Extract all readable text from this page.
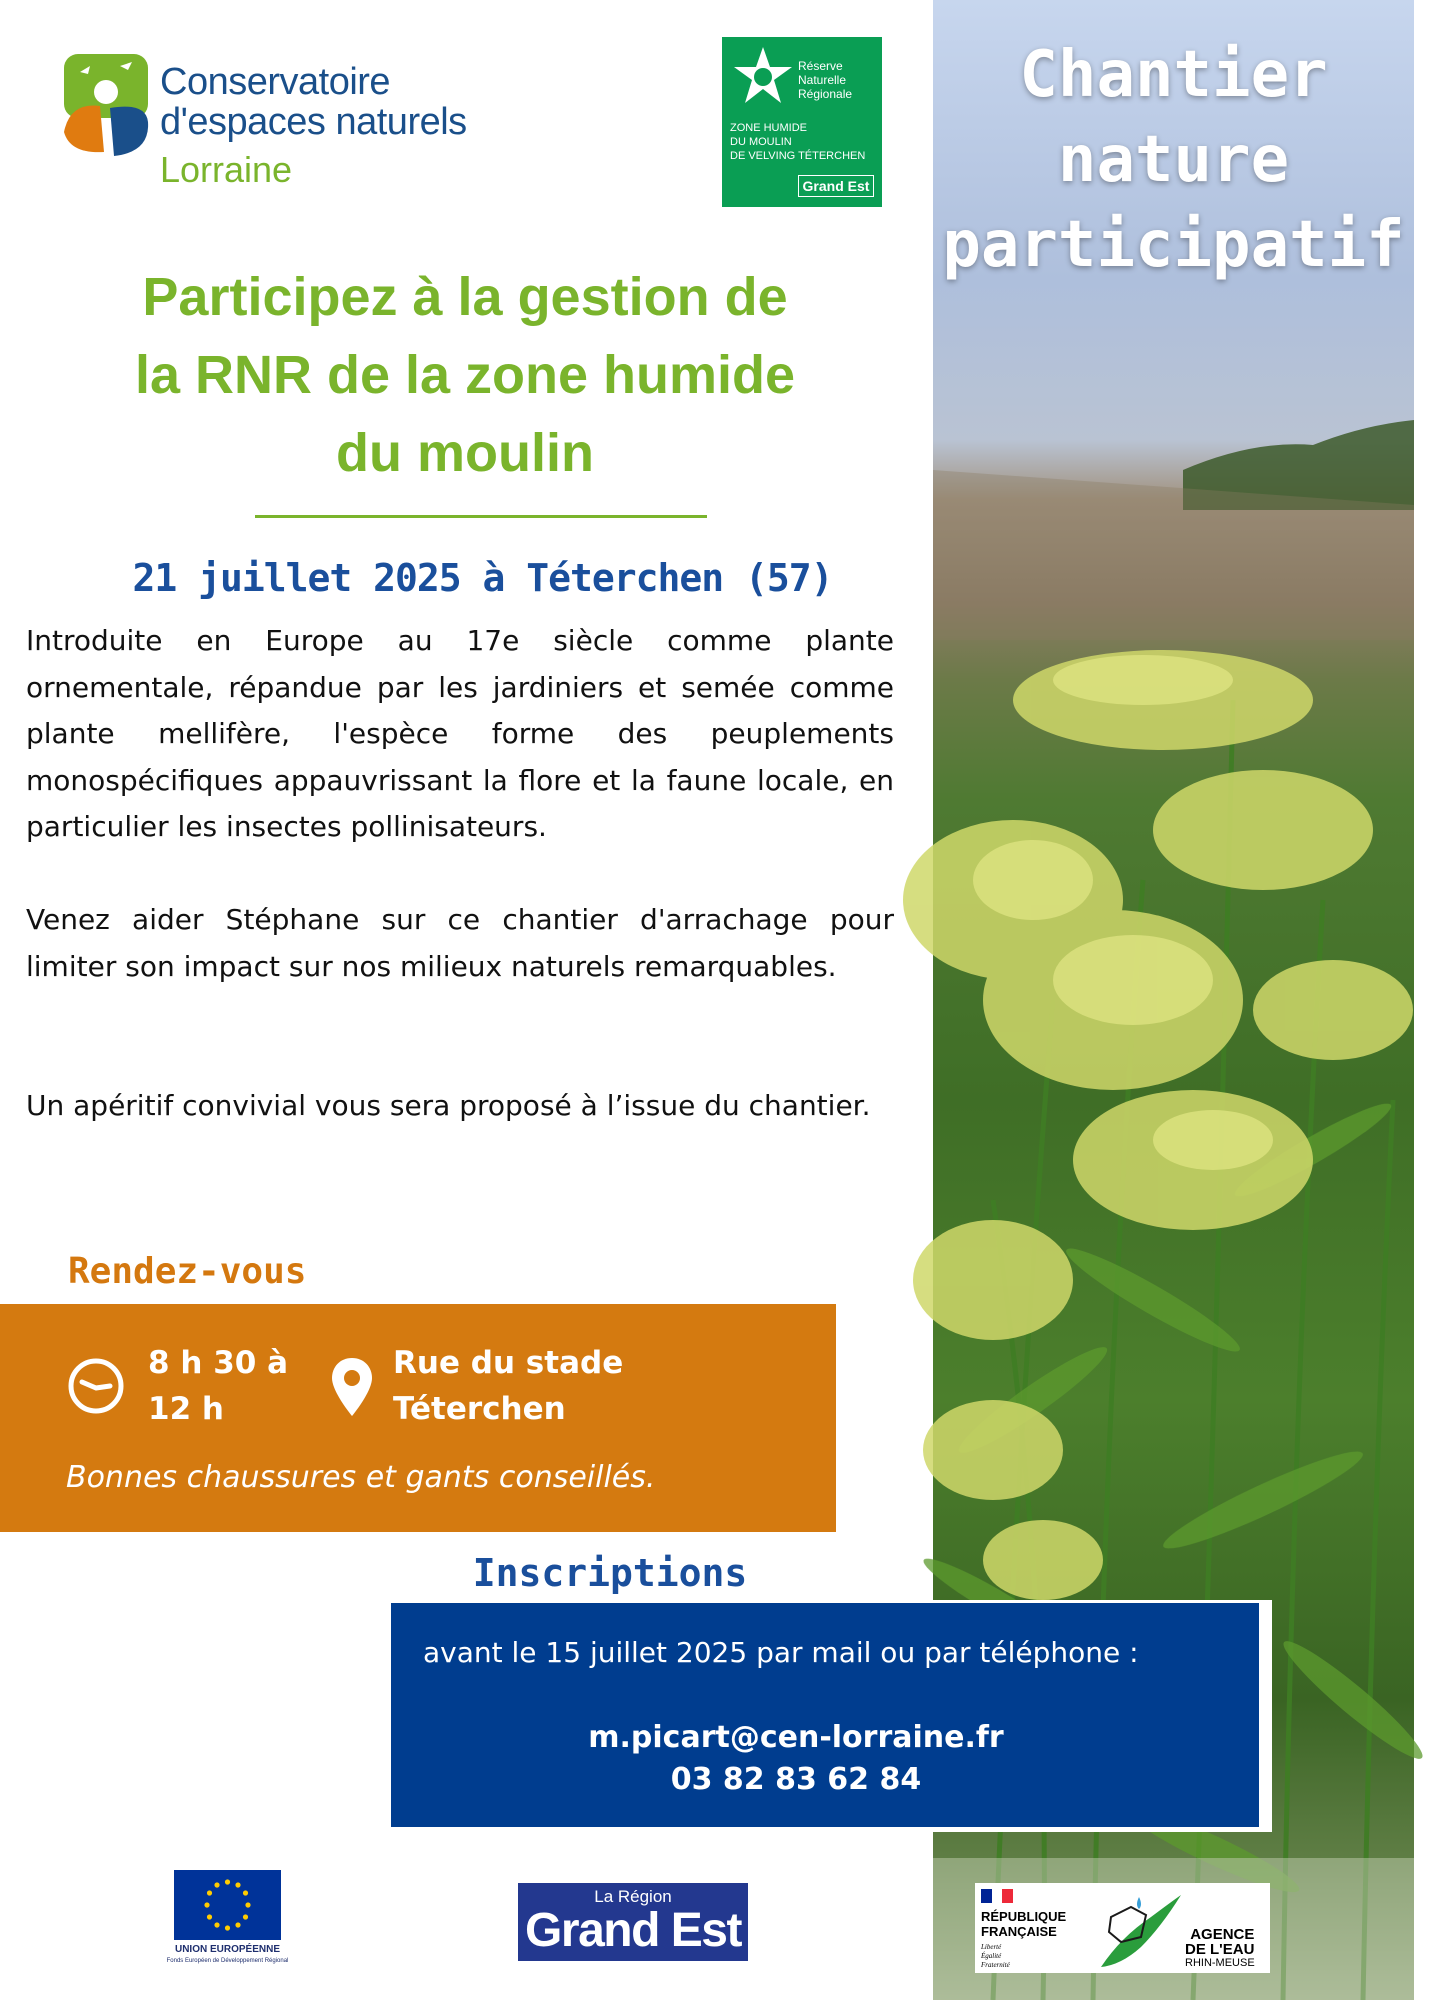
Chantier
nature
participatif
Photo : CEN Lorraine
Conservatoire
d'espaces naturels
Lorraine
Réserve
Naturelle
Régionale
ZONE HUMIDE
DU MOULIN
DE VELVING TÉTERCHEN
Grand Est
Participez à la gestion de
la RNR de la zone humide
du moulin
21 juillet 2025 à Téterchen (57)
Introduite en Europe au 17e siècle comme plante ornementale, répandue par les jardiniers et semée comme plante mellifère, l'espèce forme des peuplements monospécifiques appauvrissant la flore et la faune locale, en particulier les insectes pollinisateurs.
Venez aider Stéphane sur ce chantier d'arrachage pour limiter son impact sur nos milieux naturels remarquables.
Un apéritif convivial vous sera proposé à l’issue du chantier.
Rendez-vous
8 h 30 à
12 h
Rue du stade
Téterchen
Bonnes chaussures et gants conseillés.
Inscriptions
avant le 15 juillet 2025 par mail ou par téléphone :
m.picart@cen-lorraine.fr
03 82 83 62 84
UNION EUROPÉENNE
Fonds Européen de Développement Régional
La Région
Grand Est	RÉPUBLIQUE
FRANÇAISE
Liberté
Égalité
Fraternité
AGENCE
DE L'EAU
RHIN-MEUSE
